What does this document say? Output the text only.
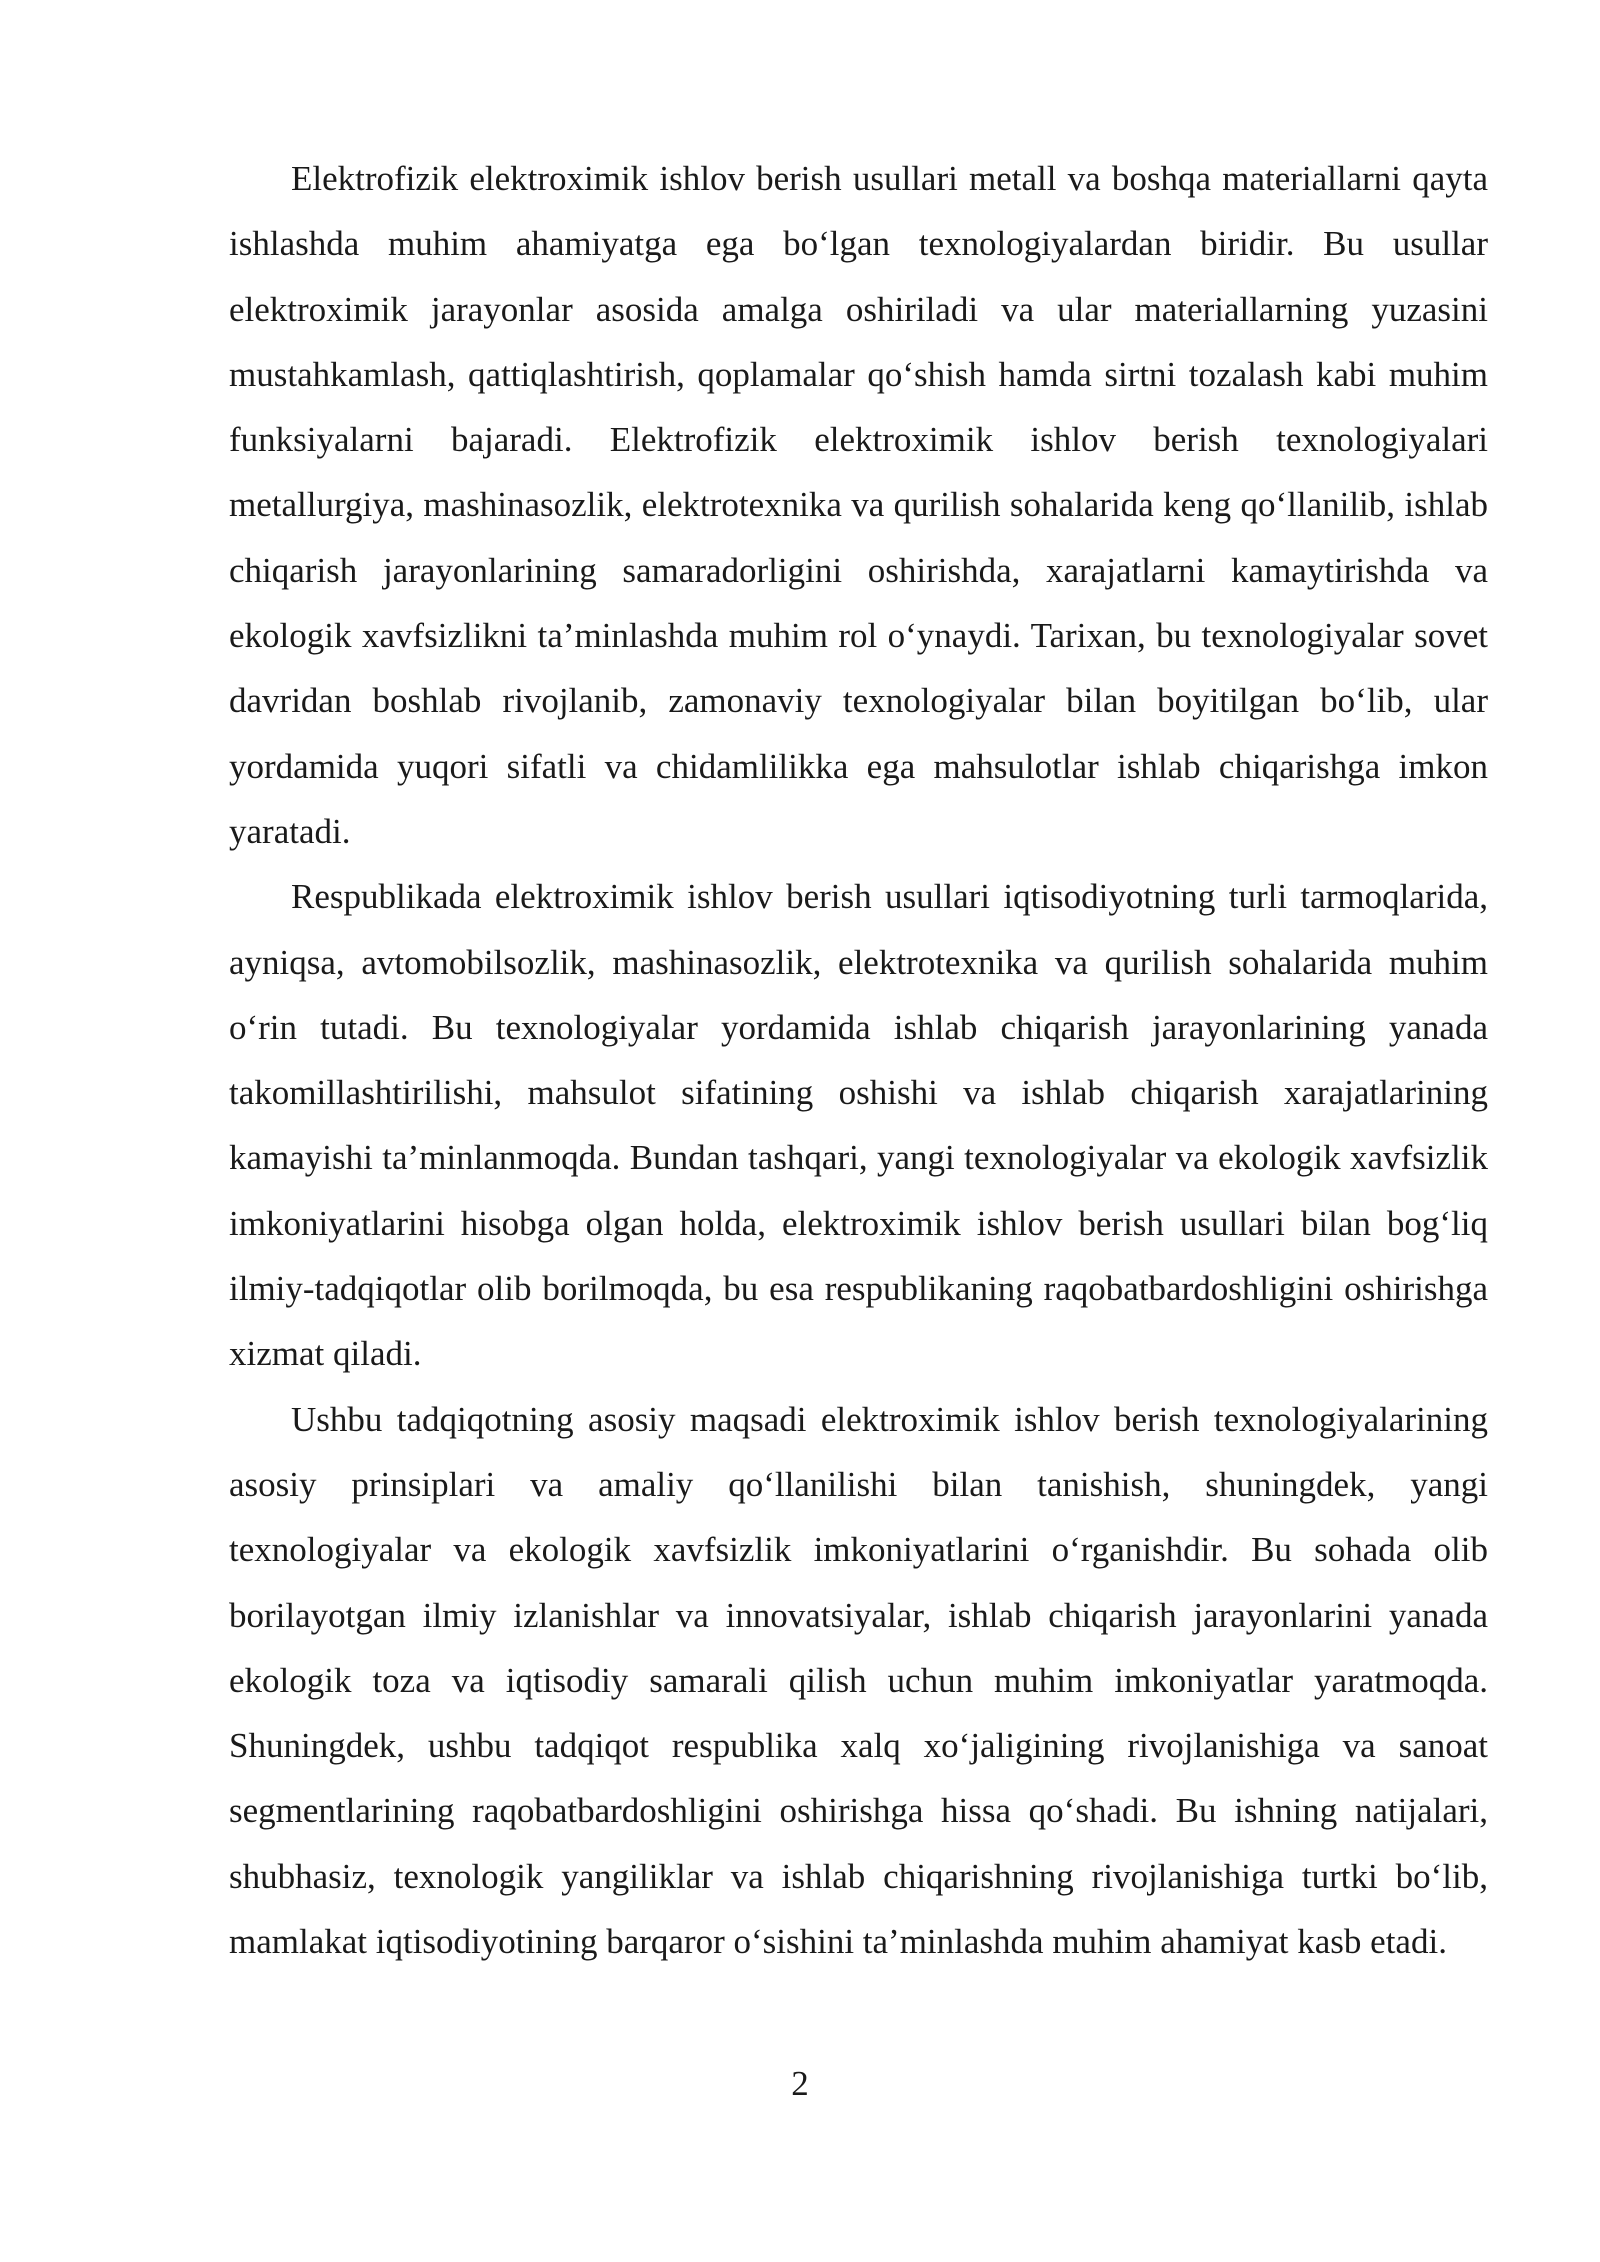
Elektrofizik elektroximik ishlov berish usullari metall va boshqa materiallarni qayta ishlashda muhim ahamiyatga ega bo‘lgan texnologiyalardan biridir. Bu usullar elektroximik jarayonlar asosida amalga oshiriladi va ular materiallarning yuzasini mustahkamlash, qattiqlashtirish, qoplamalar qo‘shish hamda sirtni tozalash kabi muhim funksiyalarni bajaradi. Elektrofizik elektroximik ishlov berish texnologiyalari metallurgiya, mashinasozlik, elektrotexnika va qurilish sohalarida keng qo‘llanilib, ishlab chiqarish jarayonlarining samaradorligini oshirishda, xarajatlarni kamaytirishda va ekologik xavfsizlikni ta’minlashda muhim rol o‘ynaydi. Tarixan, bu texnologiyalar sovet davridan boshlab rivojlanib, zamonaviy texnologiyalar bilan boyitilgan bo‘lib, ular yordamida yuqori sifatli va chidamlilikka ega mahsulotlar ishlab chiqarishga imkon yaratadi.

Respublikada elektroximik ishlov berish usullari iqtisodiyotning turli tarmoqlarida, ayniqsa, avtomobilsozlik, mashinasozlik, elektrotexnika va qurilish sohalarida muhim o‘rin tutadi. Bu texnologiyalar yordamida ishlab chiqarish jarayonlarining yanada takomillashtirilishi, mahsulot sifatining oshishi va ishlab chiqarish xarajatlarining kamayishi ta’minlanmoqda. Bundan tashqari, yangi texnologiyalar va ekologik xavfsizlik imkoniyatlarini hisobga olgan holda, elektroximik ishlov berish usullari bilan bog‘liq ilmiy-tadqiqotlar olib borilmoqda, bu esa respublikaning raqobatbardoshligini oshirishga xizmat qiladi.

Ushbu tadqiqotning asosiy maqsadi elektroximik ishlov berish texnologiyalarining asosiy prinsiplari va amaliy qo‘llanilishi bilan tanishish, shuningdek, yangi texnologiyalar va ekologik xavfsizlik imkoniyatlarini o‘rganishdir. Bu sohada olib borilayotgan ilmiy izlanishlar va innovatsiyalar, ishlab chiqarish jarayonlarini yanada ekologik toza va iqtisodiy samarali qilish uchun muhim imkoniyatlar yaratmoqda. Shuningdek, ushbu tadqiqot respublika xalq xo‘jaligining rivojlanishiga va sanoat segmentlarining raqobatbardoshligini oshirishga hissa qo‘shadi. Bu ishning natijalari, shubhasiz, texnologik yangiliklar va ishlab chiqarishning rivojlanishiga turtki bo‘lib, mamlakat iqtisodiyotining barqaror o‘sishini ta’minlashda muhim ahamiyat kasb etadi.

2
